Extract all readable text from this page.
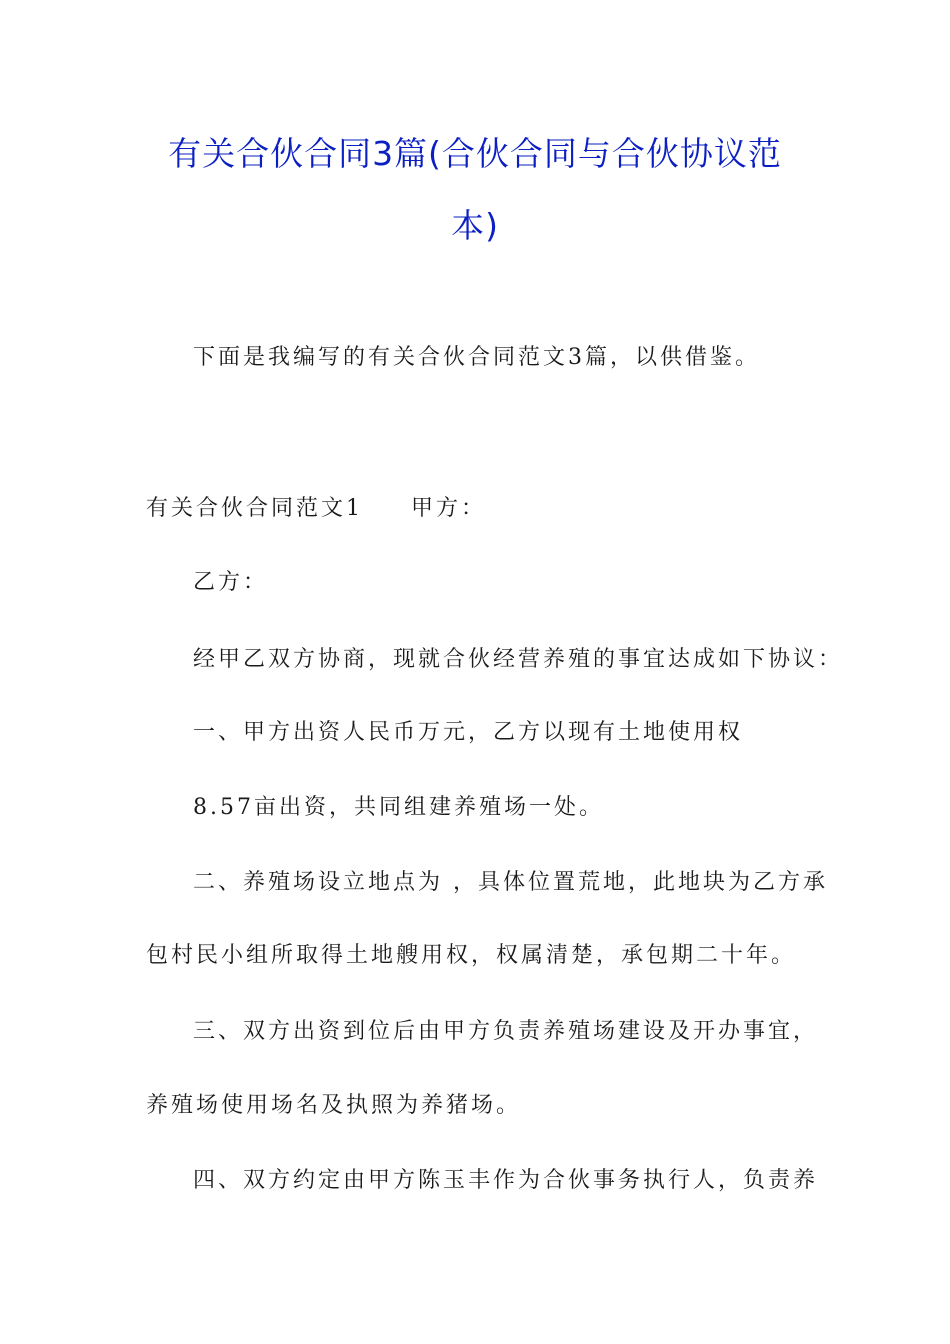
有关合伙合同3篇(合伙合同与合伙协议范
本)
下面是我编写的有关合伙合同范文3篇，以供借鉴。
有关合伙合同范文1 甲方：
乙方：
经甲乙双方协商，现就合伙经营养殖的事宜达成如下协议：
一、甲方出资人民币万元，乙方以现有土地使用权
8.57亩出资，共同组建养殖场一处。
二、养殖场设立地点为 ，具体位置荒地，此地块为乙方承
包村民小组所取得土地艘用权，权属清楚，承包期二十年。
三、双方出资到位后由甲方负责养殖场建设及开办事宜，
养殖场使用场名及执照为养猪场。
四、双方约定由甲方陈玉丰作为合伙事务执行人，负责养
